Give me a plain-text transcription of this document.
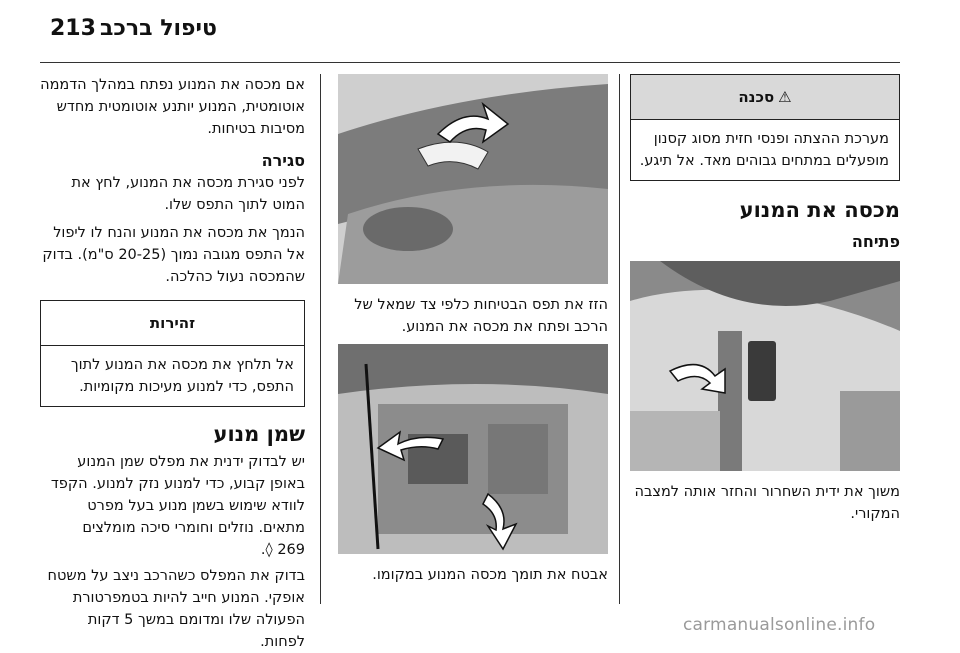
213 טיפול ברכב
⚠סכנה
מערכת ההצתה ופנסי חזית מסוג קסנון מופעלים במתחים גבוהים מאד. אל תיגע.
מכסה את המנוע
פתיחה

משוך את ידית השחרור והחזר אותה למצבה המקורי.

הזז את תפס הבטיחות כלפי צד שמאל של הרכב ופתח את מכסה את המנוע.

אבטח את תומך מכסה המנוע במקומו.

אם מכסה את המנוע נפתח במהלך הדממה אוטומטית, המנוע יותנע אוטומטית מחדש מסיבות בטיחות.

סגירה

לפני סגירת מכסה את המנוע, לחץ את המוט לתוך התפס שלו.

הנמך את מכסה את המנוע והנח לו ליפול אל התפס מגובה נמוך (20-25 ס"מ). בדוק שהמכסה נעול כהלכה.

זהירות
אל תלחץ את מכסה את המנוע לתוך התפס, כדי למנוע מעיכות מקומיות.
שמן מנוע

יש לבדוק ידנית את מפלס שמן המנוע באופן קבוע, כדי למנוע נזק למנוע. הקפד לוודא שימוש בשמן מנוע בעל מפרט מתאים. נוזלים וחומרי סיכה מומלצים
269 ◊.

בדוק את המפלס כשהרכב ניצב על משטח אופקי. המנוע חייב להיות בטמפרטורת הפעולה שלו ומדומם במשך 5 דקות לפחות.

carmanualsonline.info
